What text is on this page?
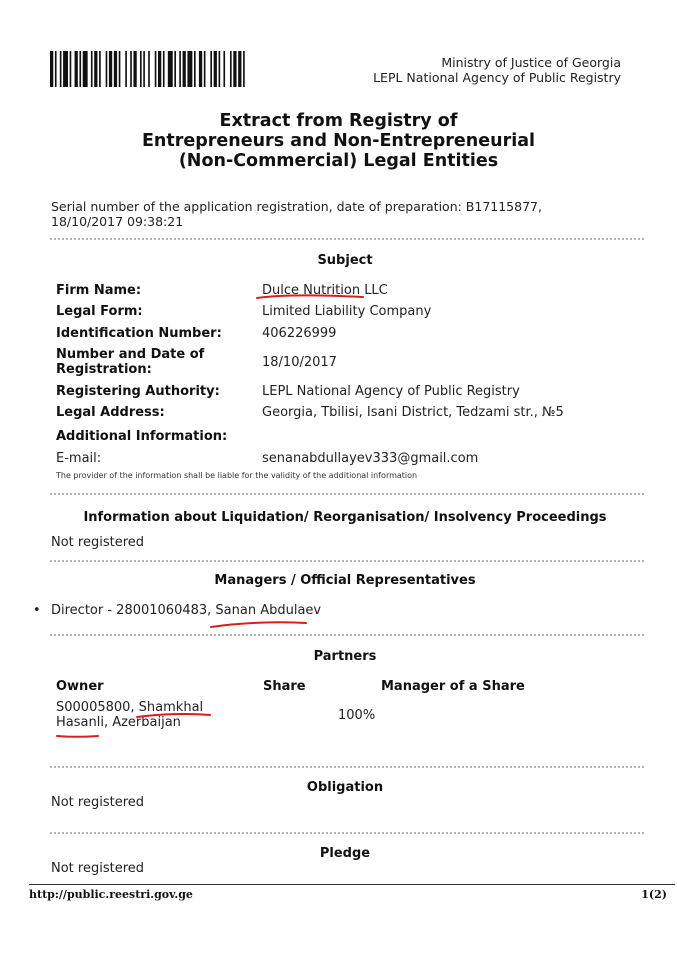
Ministry of Justice of Georgia
LEPL National Agency of Public Registry
Extract from Registry of
Entrepreneurs and Non-Entrepreneurial
(Non-Commercial) Legal Entities
Serial number of the application registration, date of preparation: B17115877,
18/10/2017 09:38:21
Subject
Firm Name:	Dulce Nutrition LLC
Legal Form:	Limited Liability Company
Identification Number:	406226999
Number and Date of
Registration:	18/10/2017
Registering Authority:	LEPL National Agency of Public Registry
Legal Address:	Georgia, Tbilisi, Isani District, Tedzami str., №5
Additional Information:
E-mail:	senanabdullayev333@gmail.com
The provider of the information shall be liable for the validity of the additional information
Information about Liquidation/ Reorganisation/ Insolvency Proceedings
Not registered
Managers / Official Representatives
• Director - 28001060483, Sanan Abdulaev
Partners
Owner	Share	Manager of a Share
S00005800, Shamkhal
Hasanli, Azerbaijan	100%
Obligation
Not registered
Pledge
Not registered
http://public.reestri.gov.ge	1(2)
